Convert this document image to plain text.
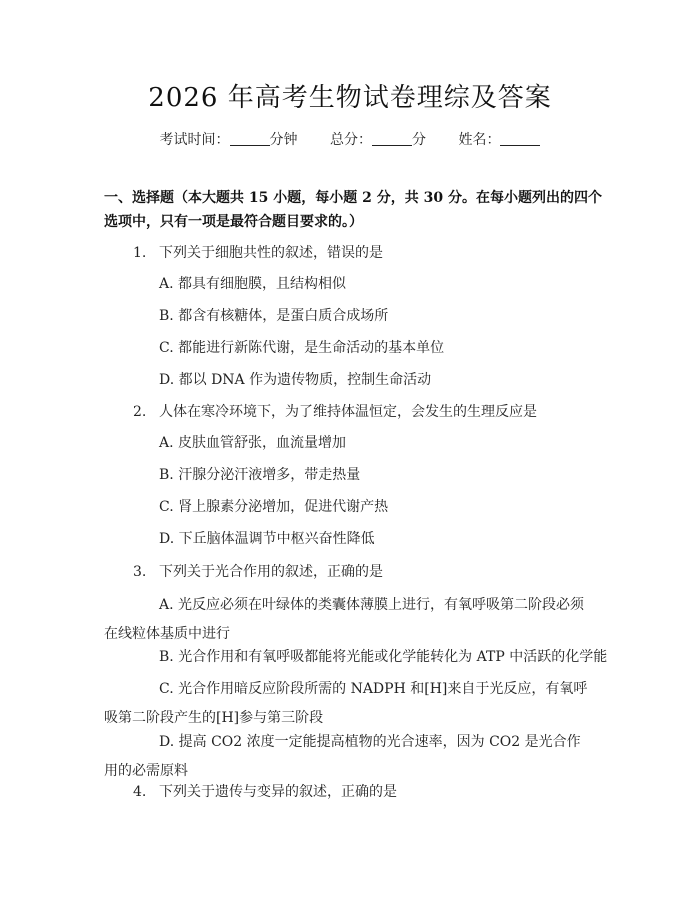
2026 年高考生物试卷理综及答案
考试时间：	分钟 总分：	分 姓名：
一、选择题（本大题共 15 小题，每小题 2 分，共 30 分。在每小题列出的四个选项中，只有一项是最符合题目要求的。）
1. 下列关于细胞共性的叙述，错误的是
A. 都具有细胞膜，且结构相似
B. 都含有核糖体，是蛋白质合成场所
C. 都能进行新陈代谢，是生命活动的基本单位
D. 都以 DNA 作为遗传物质，控制生命活动
2. 人体在寒冷环境下，为了维持体温恒定，会发生的生理反应是
A. 皮肤血管舒张，血流量增加
B. 汗腺分泌汗液增多，带走热量
C. 肾上腺素分泌增加，促进代谢产热
D. 下丘脑体温调节中枢兴奋性降低
3. 下列关于光合作用的叙述，正确的是
A. 光反应必须在叶绿体的类囊体薄膜上进行，有氧呼吸第二阶段必须在线粒体基质中进行
B. 光合作用和有氧呼吸都能将光能或化学能转化为 ATP 中活跃的化学能
C. 光合作用暗反应阶段所需的 NADPH 和[H]来自于光反应，有氧呼吸第二阶段产生的[H]参与第三阶段
D. 提高 CO2 浓度一定能提高植物的光合速率，因为 CO2 是光合作用的必需原料
4. 下列关于遗传与变异的叙述，正确的是
